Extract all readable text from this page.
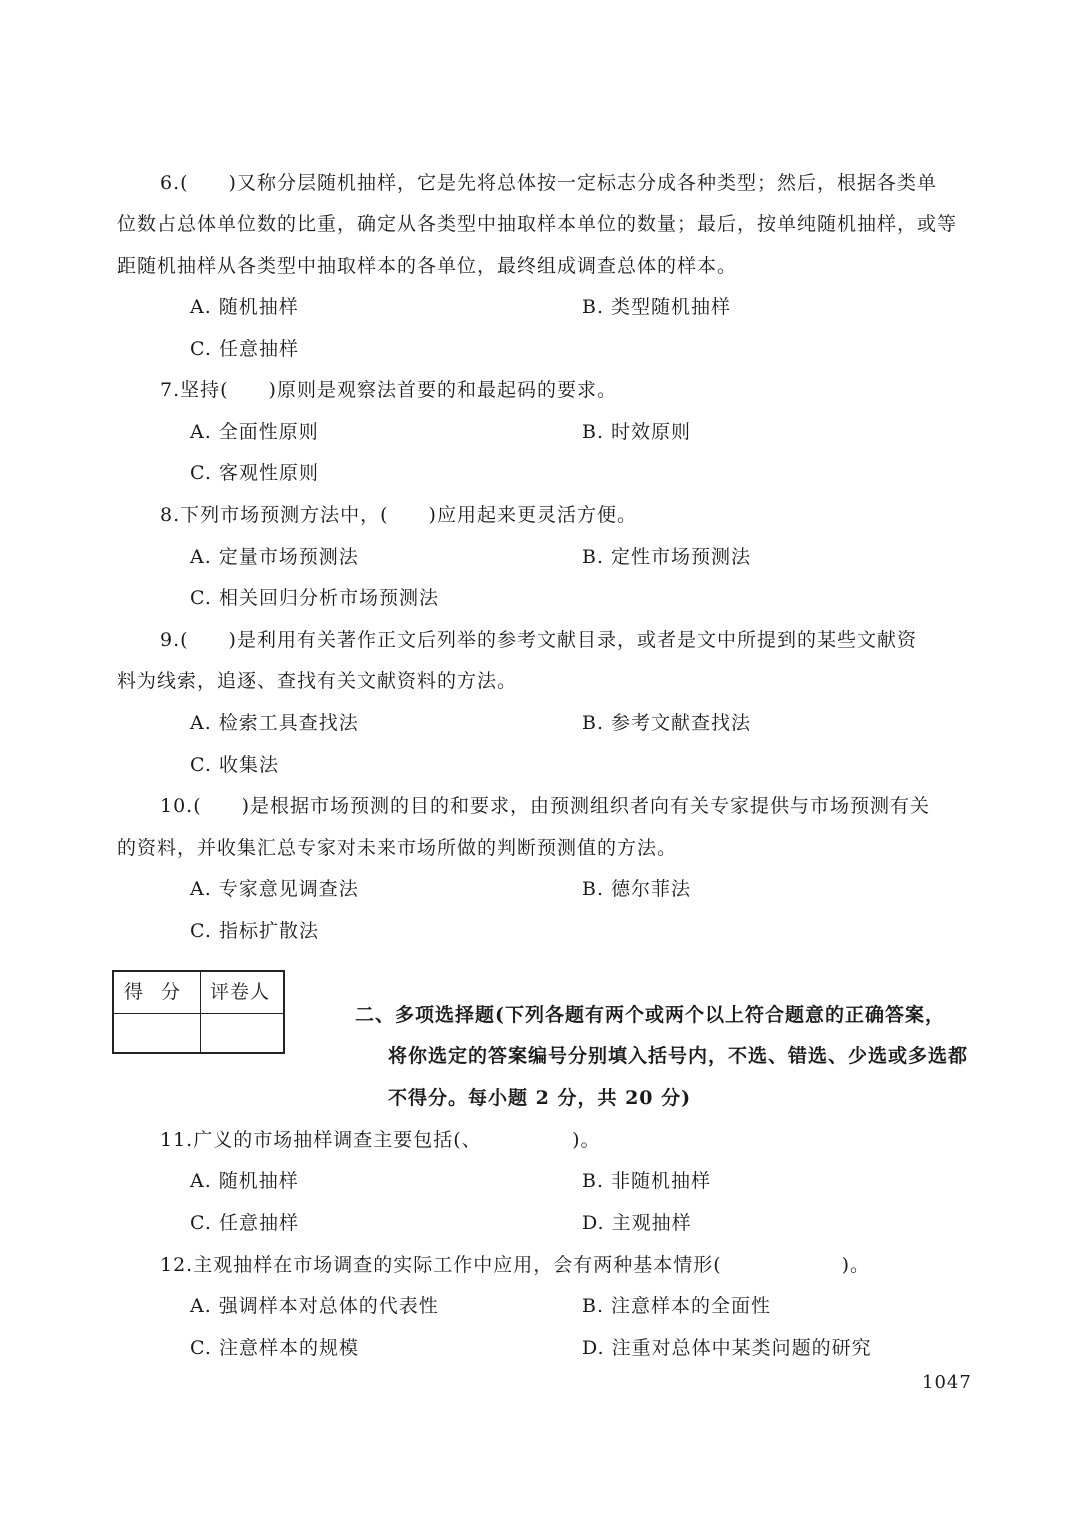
6.(　　)又称分层随机抽样，它是先将总体按一定标志分成各种类型；然后，根据各类单
位数占总体单位数的比重，确定从各类型中抽取样本单位的数量；最后，按单纯随机抽样，或等
距随机抽样从各类型中抽取样本的各单位，最终组成调查总体的样本。
A. 随机抽样	B. 类型随机抽样
C. 任意抽样
7.坚持(　　)原则是观察法首要的和最起码的要求。
A. 全面性原则	B. 时效原则
C. 客观性原则
8.下列市场预测方法中，(　　)应用起来更灵活方便。
A. 定量市场预测法	B. 定性市场预测法
C. 相关回归分析市场预测法
9.(　　)是利用有关著作正文后列举的参考文献目录，或者是文中所提到的某些文献资
料为线索，追逐、查找有关文献资料的方法。
A. 检索工具查找法	B. 参考文献查找法
C. 收集法
10.(　　)是根据市场预测的目的和要求，由预测组织者向有关专家提供与市场预测有关
的资料，并收集汇总专家对未来市场所做的判断预测值的方法。
A. 专家意见调查法	B. 德尔菲法
C. 指标扩散法
得 分 评卷人
二、多项选择题(下列各题有两个或两个以上符合题意的正确答案，
将你选定的答案编号分别填入括号内，不选、错选、少选或多选都
不得分。每小题 2 分，共 20 分)
11.广义的市场抽样调查主要包括(、　　　　　)。
A. 随机抽样	B. 非随机抽样
C. 任意抽样	D. 主观抽样
12.主观抽样在市场调查的实际工作中应用，会有两种基本情形(　　　　　　)。
A. 强调样本对总体的代表性	B. 注意样本的全面性
C. 注意样本的规模	D. 注重对总体中某类问题的研究
1047
